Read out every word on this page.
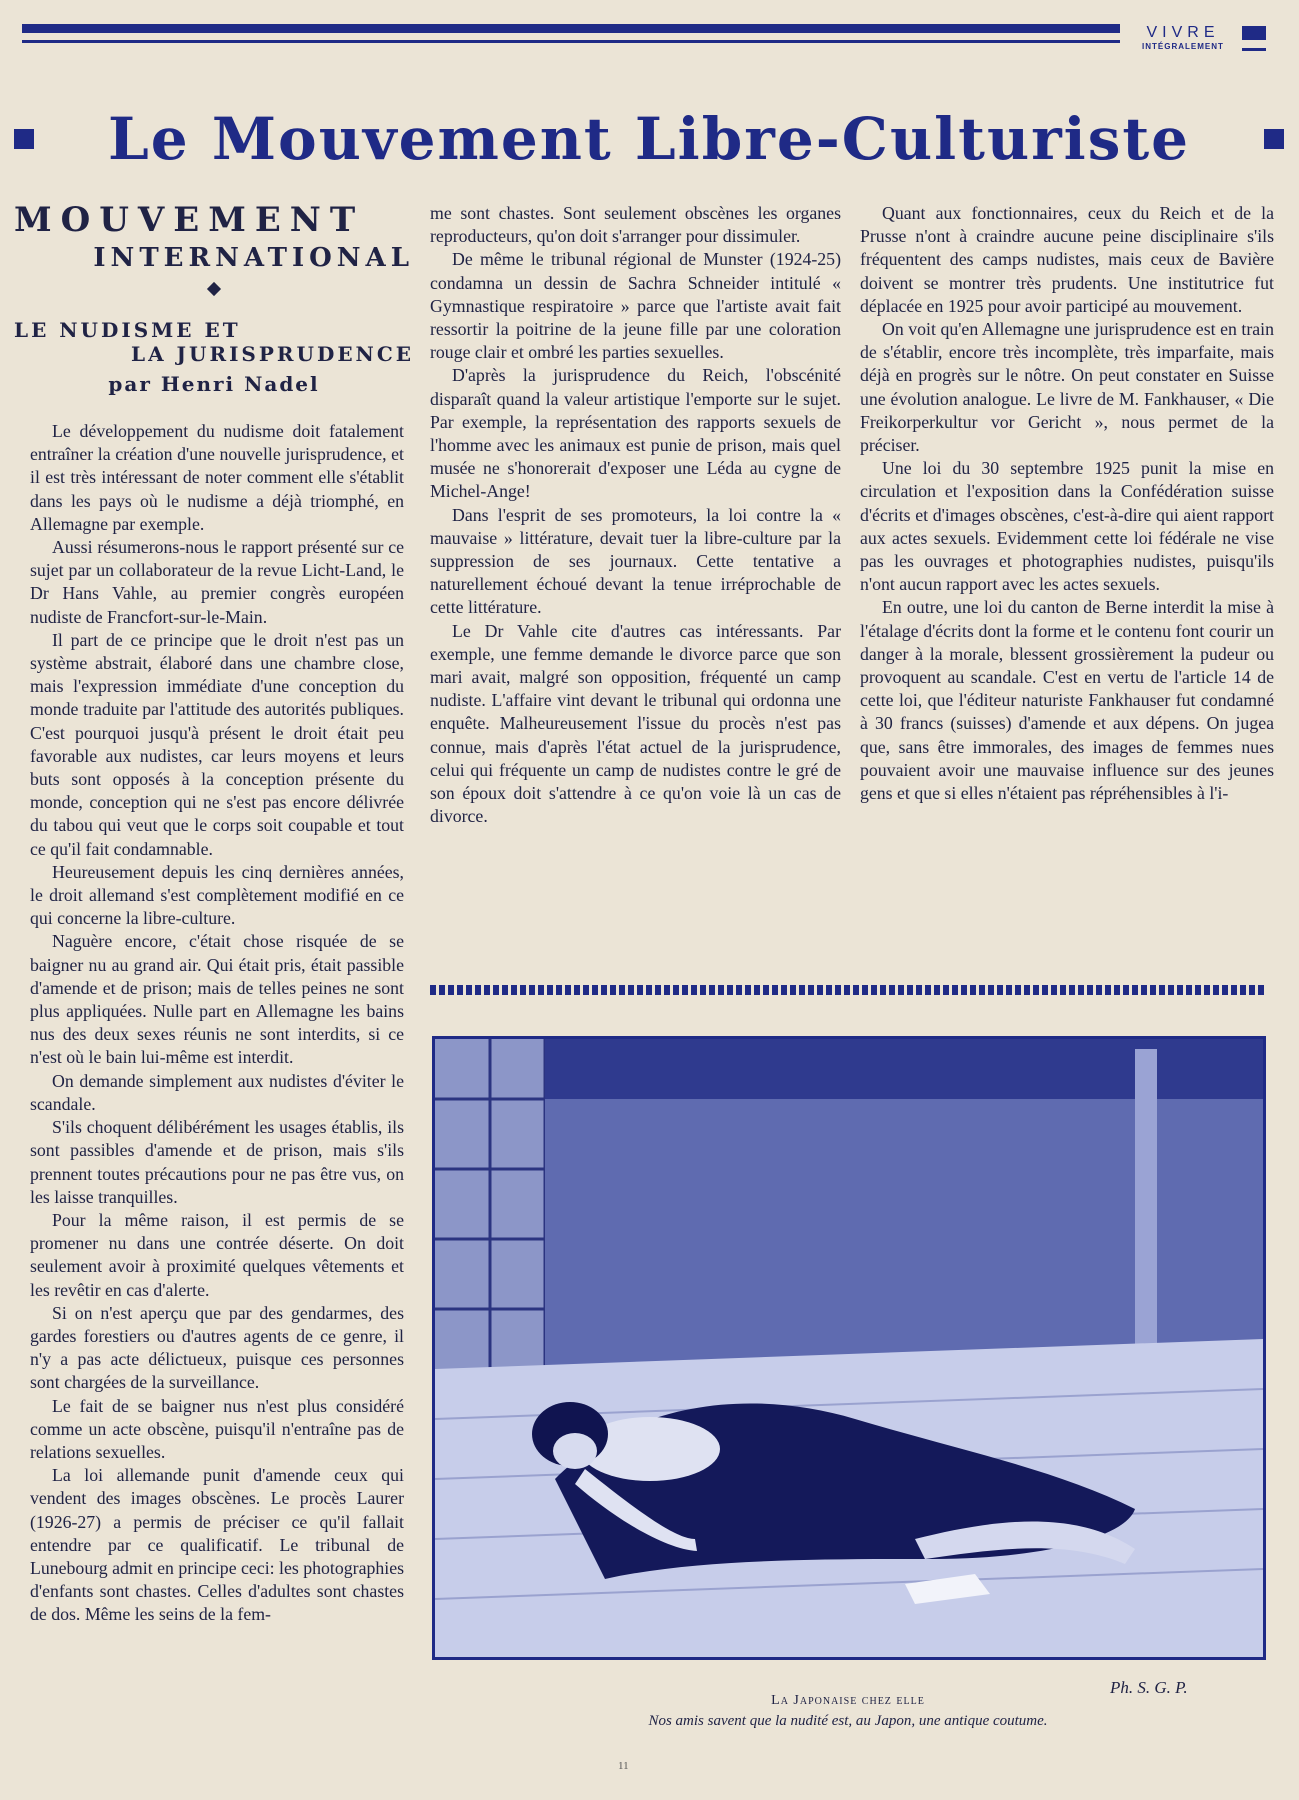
VIVRE
INTÉGRALEMENT
Le Mouvement Libre-Culturiste
MOUVEMENT
INTERNATIONAL
LE NUDISME ET
LA JURISPRUDENCE
par Henri Nadel

Le développement du nudisme doit fatalement entraîner la création d'une nouvelle jurisprudence, et il est très intéressant de noter comment elle s'établit dans les pays où le nudisme a déjà triomphé, en Allemagne par exemple.

Aussi résumerons-nous le rapport présenté sur ce sujet par un collaborateur de la revue Licht-Land, le Dr Hans Vahle, au premier congrès européen nudiste de Francfort-sur-le-Main.

Il part de ce principe que le droit n'est pas un système abstrait, élaboré dans une chambre close, mais l'expression immédiate d'une conception du monde traduite par l'attitude des autorités publiques. C'est pourquoi jusqu'à présent le droit était peu favorable aux nudistes, car leurs moyens et leurs buts sont opposés à la conception présente du monde, conception qui ne s'est pas encore délivrée du tabou qui veut que le corps soit coupable et tout ce qu'il fait condamnable.

Heureusement depuis les cinq dernières années, le droit allemand s'est complètement modifié en ce qui concerne la libre-culture.

Naguère encore, c'était chose risquée de se baigner nu au grand air. Qui était pris, était passible d'amende et de prison; mais de telles peines ne sont plus appliquées. Nulle part en Allemagne les bains nus des deux sexes réunis ne sont interdits, si ce n'est où le bain lui-même est interdit.

On demande simplement aux nudistes d'éviter le scandale.

S'ils choquent délibérément les usages établis, ils sont passibles d'amende et de prison, mais s'ils prennent toutes précautions pour ne pas être vus, on les laisse tranquilles.

Pour la même raison, il est permis de se promener nu dans une contrée déserte. On doit seulement avoir à proximité quelques vêtements et les revêtir en cas d'alerte.

Si on n'est aperçu que par des gendarmes, des gardes forestiers ou d'autres agents de ce genre, il n'y a pas acte délictueux, puisque ces personnes sont chargées de la surveillance.

Le fait de se baigner nus n'est plus considéré comme un acte obscène, puisqu'il n'entraîne pas de relations sexuelles.

La loi allemande punit d'amende ceux qui vendent des images obscènes. Le procès Laurer (1926-27) a permis de préciser ce qu'il fallait entendre par ce qualificatif. Le tribunal de Lunebourg admit en principe ceci: les photographies d'enfants sont chastes. Celles d'adultes sont chastes de dos. Même les seins de la fem-

me sont chastes. Sont seulement obscènes les organes reproducteurs, qu'on doit s'arranger pour dissimuler.

De même le tribunal régional de Munster (1924-25) condamna un dessin de Sachra Schneider intitulé « Gymnastique respiratoire » parce que l'artiste avait fait ressortir la poitrine de la jeune fille par une coloration rouge clair et ombré les parties sexuelles.

D'après la jurisprudence du Reich, l'obscénité disparaît quand la valeur artistique l'emporte sur le sujet. Par exemple, la représentation des rapports sexuels de l'homme avec les animaux est punie de prison, mais quel musée ne s'honorerait d'exposer une Léda au cygne de Michel-Ange!

Dans l'esprit de ses promoteurs, la loi contre la « mauvaise » littérature, devait tuer la libre-culture par la suppression de ses journaux. Cette tentative a naturellement échoué devant la tenue irréprochable de cette littérature.

Le Dr Vahle cite d'autres cas intéressants. Par exemple, une femme demande le divorce parce que son mari avait, malgré son opposition, fréquenté un camp nudiste. L'affaire vint devant le tribunal qui ordonna une enquête. Malheureusement l'issue du procès n'est pas connue, mais d'après l'état actuel de la jurisprudence, celui qui fréquente un camp de nudistes contre le gré de son époux doit s'attendre à ce qu'on voie là un cas de divorce.

Quant aux fonctionnaires, ceux du Reich et de la Prusse n'ont à craindre aucune peine disciplinaire s'ils fréquentent des camps nudistes, mais ceux de Bavière doivent se montrer très prudents. Une institutrice fut déplacée en 1925 pour avoir participé au mouvement.

On voit qu'en Allemagne une jurisprudence est en train de s'établir, encore très incomplète, très imparfaite, mais déjà en progrès sur le nôtre. On peut constater en Suisse une évolution analogue. Le livre de M. Fankhauser, « Die Freikorperkultur vor Gericht », nous permet de la préciser.

Une loi du 30 septembre 1925 punit la mise en circulation et l'exposition dans la Confédération suisse d'écrits et d'images obscènes, c'est-à-dire qui aient rapport aux actes sexuels. Evidemment cette loi fédérale ne vise pas les ouvrages et photographies nudistes, puisqu'ils n'ont aucun rapport avec les actes sexuels.

En outre, une loi du canton de Berne interdit la mise à l'étalage d'écrits dont la forme et le contenu font courir un danger à la morale, blessent grossièrement la pudeur ou provoquent au scandale. C'est en vertu de l'article 14 de cette loi, que l'éditeur naturiste Fankhauser fut condamné à 30 francs (suisses) d'amende et aux dépens. On jugea que, sans être immorales, des images de femmes nues pouvaient avoir une mauvaise influence sur des jeunes gens et que si elles n'étaient pas répréhensibles à l'i-

Ph. S. G. P.
La Japonaise chez elle
Nos amis savent que la nudité est, au Japon, une antique coutume.
11
